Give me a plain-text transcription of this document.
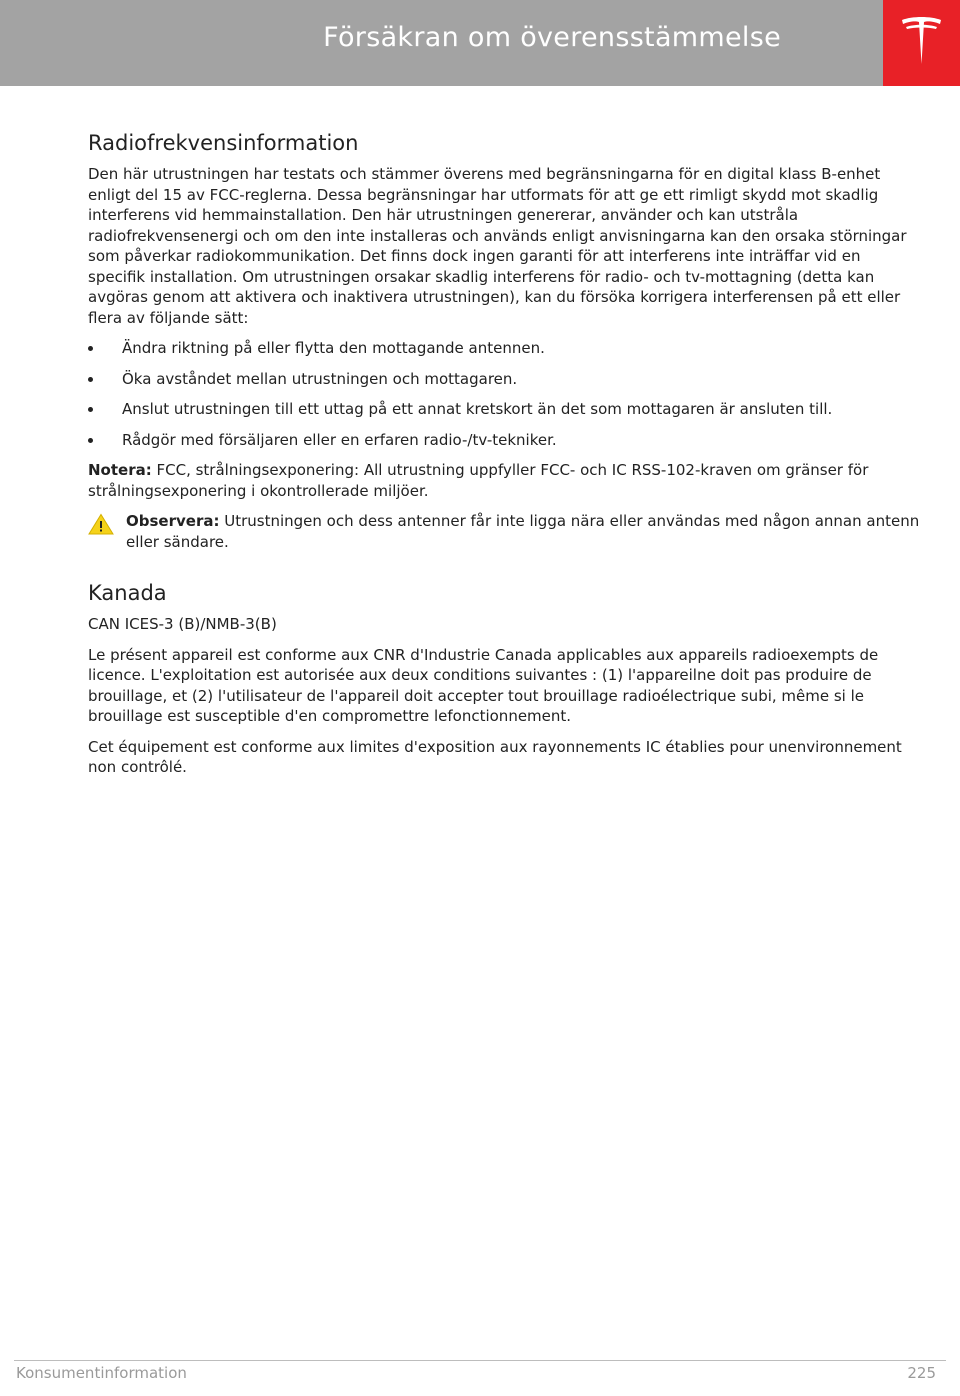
Försäkran om överensstämmelse
Radiofrekvensinformation

Den här utrustningen har testats och stämmer överens med begränsningarna för en digital klass B-enhet enligt del 15 av FCC-reglerna. Dessa begränsningar har utformats för att ge ett rimligt skydd mot skadlig interferens vid hemmainstallation. Den här utrustningen genererar, använder och kan utstråla radiofrekvensenergi och om den inte installeras och används enligt anvisningarna kan den orsaka störningar som påverkar radiokommunikation. Det finns dock ingen garanti för att interferens inte inträffar vid en specifik installation. Om utrustningen orsakar skadlig interferens för radio- och tv-mottagning (detta kan avgöras genom att aktivera och inaktivera utrustningen), kan du försöka korrigera interferensen på ett eller flera av följande sätt:

Ändra riktning på eller flytta den mottagande antennen.
Öka avståndet mellan utrustningen och mottagaren.
Anslut utrustningen till ett uttag på ett annat kretskort än det som mottagaren är ansluten till.
Rådgör med försäljaren eller en erfaren radio-/tv-tekniker.

Notera: FCC, strålningsexponering: All utrustning uppfyller FCC- och IC RSS-102-kraven om gränser för strålningsexponering i okontrollerade miljöer.

Observera: Utrustningen och dess antenner får inte ligga nära eller användas med någon annan antenn eller sändare.
Kanada

CAN ICES-3 (B)/NMB-3(B)

Le présent appareil est conforme aux CNR d'Industrie Canada applicables aux appareils radioexempts de licence. L'exploitation est autorisée aux deux conditions suivantes : (1) l'appareilne doit pas produire de brouillage, et (2) l'utilisateur de l'appareil doit accepter tout brouillage radioélectrique subi, même si le brouillage est susceptible d'en compromettre lefonctionnement.

Cet équipement est conforme aux limites d'exposition aux rayonnements IC établies pour unenvironnement non contrôlé.

Konsumentinformation	225
